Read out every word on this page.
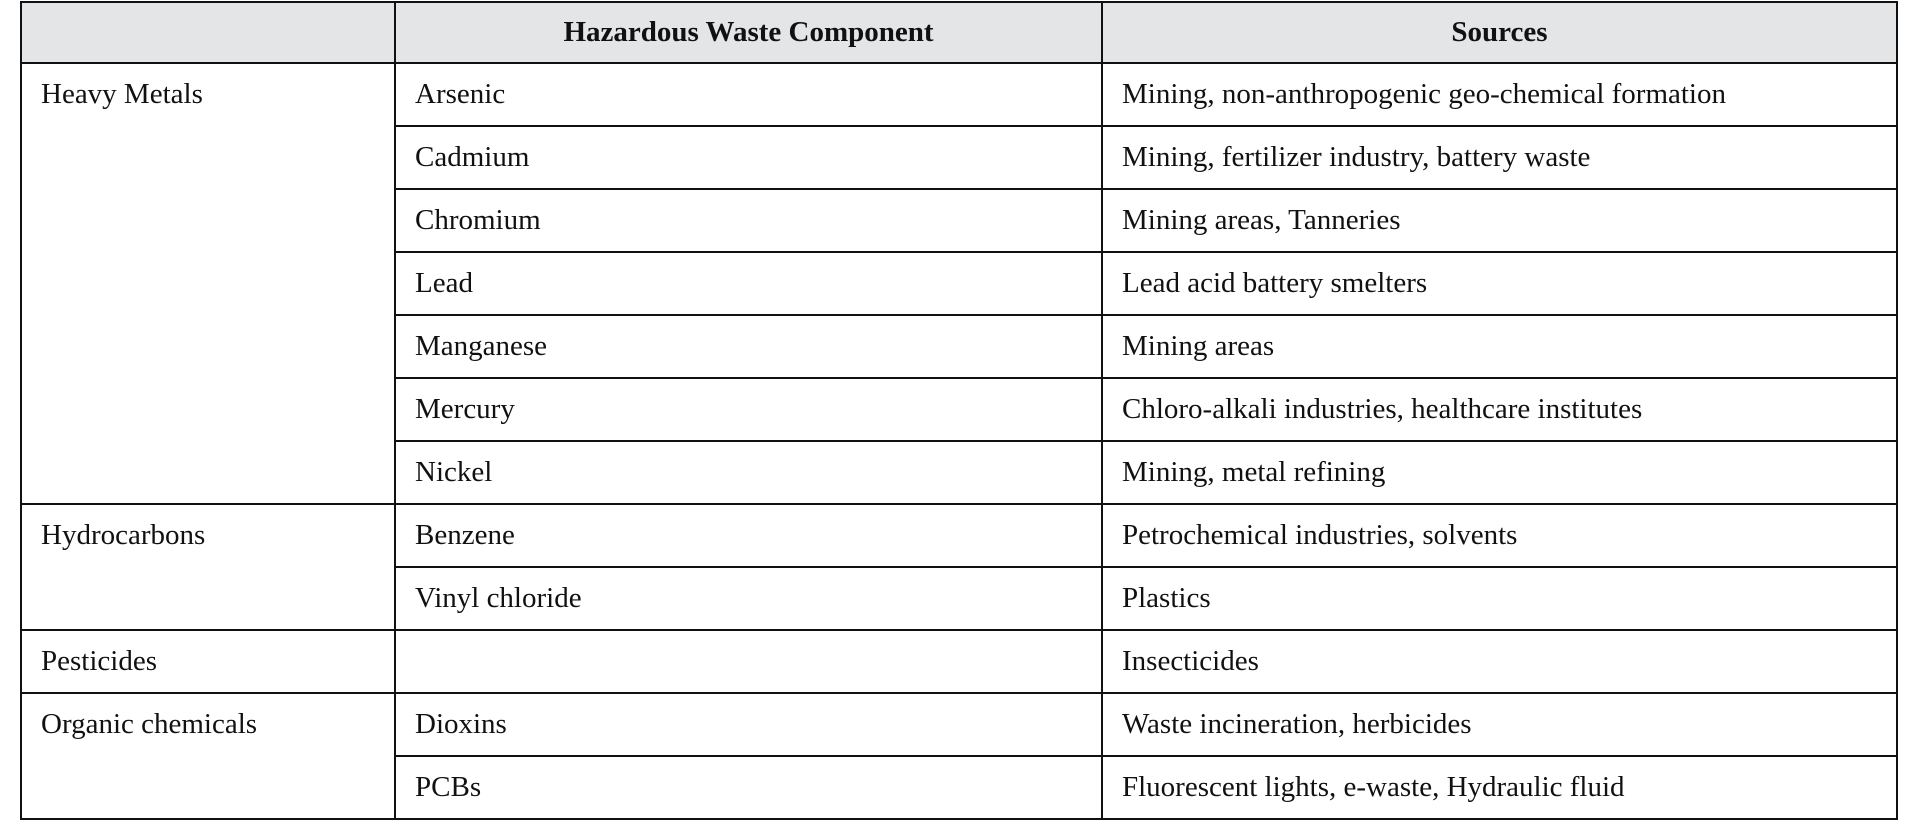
	Hazardous Waste Component	Sources
Heavy Metals	Arsenic	Mining, non-anthropogenic geo-chemical formation
	Cadmium	Mining, fertilizer industry, battery waste
	Chromium	Mining areas, Tanneries
	Lead	Lead acid battery smelters
	Manganese	Mining areas
	Mercury	Chloro-alkali industries, healthcare institutes
	Nickel	Mining, metal refining
Hydrocarbons	Benzene	Petrochemical industries, solvents
	Vinyl chloride	Plastics
Pesticides		Insecticides
Organic chemicals	Dioxins	Waste incineration, herbicides
	PCBs	Fluorescent lights, e-waste, Hydraulic fluid
